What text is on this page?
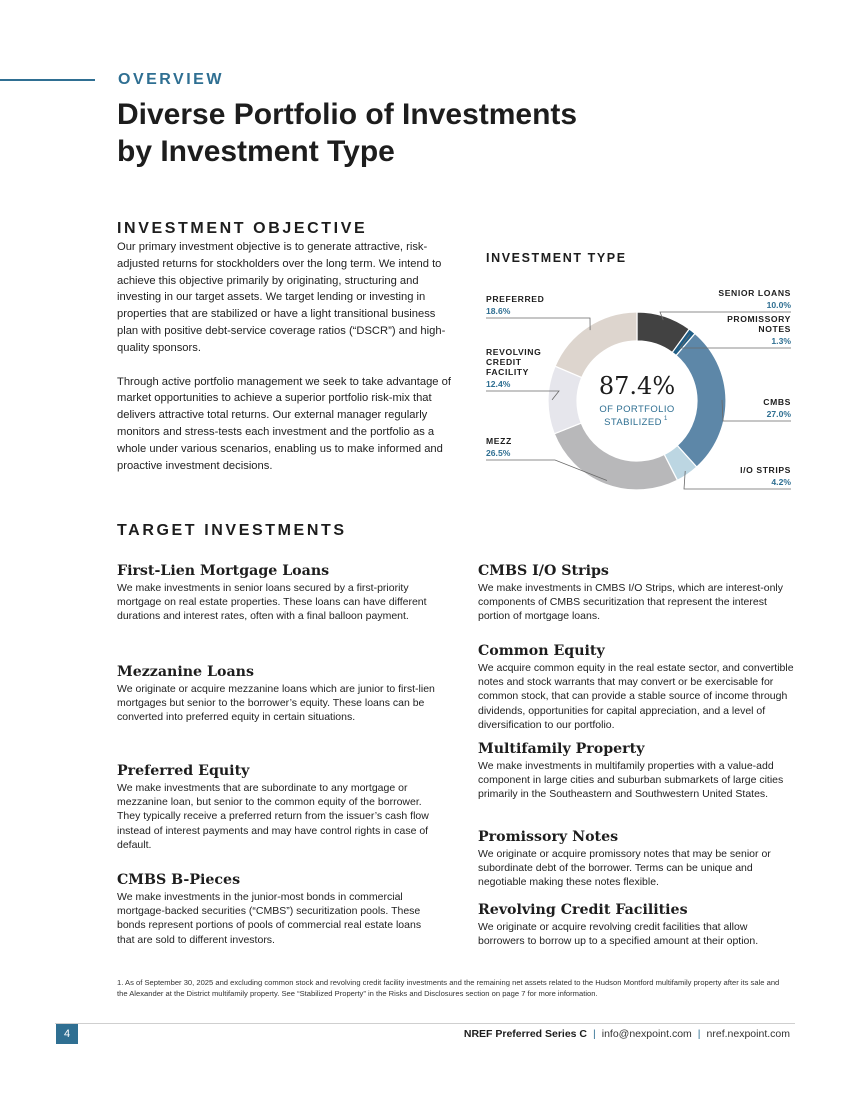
OVERVIEW
Diverse Portfolio of Investments
by Investment Type
INVESTMENT OBJECTIVE

Our primary investment objective is to generate attractive, risk-adjusted returns for stockholders over the long term. We intend to achieve this objective primarily by originating, structuring and investing in our target assets. We target lending or investing in properties that are stabilized or have a light transitional business plan with positive debt-service coverage ratios (“DSCR”) and high-quality sponsors.

Through active portfolio management we seek to take advantage of market opportunities to achieve a superior portfolio risk-mix that delivers attractive total returns. Our external manager regularly monitors and stress-tests each investment and the portfolio as a whole under various scenarios, enabling us to make informed and proactive investment decisions.

INVESTMENT TYPE
SENIOR LOANS
10.0%
PROMISSORY
NOTES
1.3%
CMBS
27.0%
I/O STRIPS
4.2%
MEZZ
26.5%
REVOLVING
CREDIT
FACILITY
12.4%
PREFERRED
18.6%
87.4%
OF PORTFOLIO
STABILIZED 1
TARGET INVESTMENTS
First-Lien Mortgage Loans

We make investments in senior loans secured by a first-priority mortgage on real estate properties. These loans can have different durations and interest rates, often with a final balloon payment.

Mezzanine Loans

We originate or acquire mezzanine loans which are junior to first-lien mortgages but senior to the borrower’s equity. These loans can be converted into preferred equity in certain situations.

Preferred Equity

We make investments that are subordinate to any mortgage or mezzanine loan, but senior to the common equity of the borrower. They typically receive a preferred return from the issuer’s cash flow instead of interest payments and may have control rights in case of default.

CMBS B-Pieces

We make investments in the junior-most bonds in commercial mortgage-backed securities (“CMBS”) securitization pools. These bonds represent portions of pools of commercial real estate loans that are sold to different investors.

CMBS I/O Strips

We make investments in CMBS I/O Strips, which are interest-only components of CMBS securitization that represent the interest portion of mortgage loans.

Common Equity

We acquire common equity in the real estate sector, and convertible notes and stock warrants that may convert or be exercisable for common stock, that can provide a stable source of income through dividends, opportunities for capital appreciation, and a level of diversification to our portfolio.

Multifamily Property

We make investments in multifamily properties with a value-add component in large cities and suburban submarkets of large cities primarily in the Southeastern and Southwestern United States.

Promissory Notes

We originate or acquire promissory notes that may be senior or subordinate debt of the borrower. Terms can be unique and negotiable making these notes flexible.

Revolving Credit Facilities

We originate or acquire revolving credit facilities that allow borrowers to borrow up to a specified amount at their option.

1. As of September 30, 2025 and excluding common stock and revolving credit facility investments and the remaining net assets related to the Hudson Montford multifamily property after its sale and the Alexander at the District multifamily property. See “Stabilized Property” in the Risks and Disclosures section on page 7 for more information.
4	NREF Preferred Series C | info@nexpoint.com | nref.nexpoint.com
